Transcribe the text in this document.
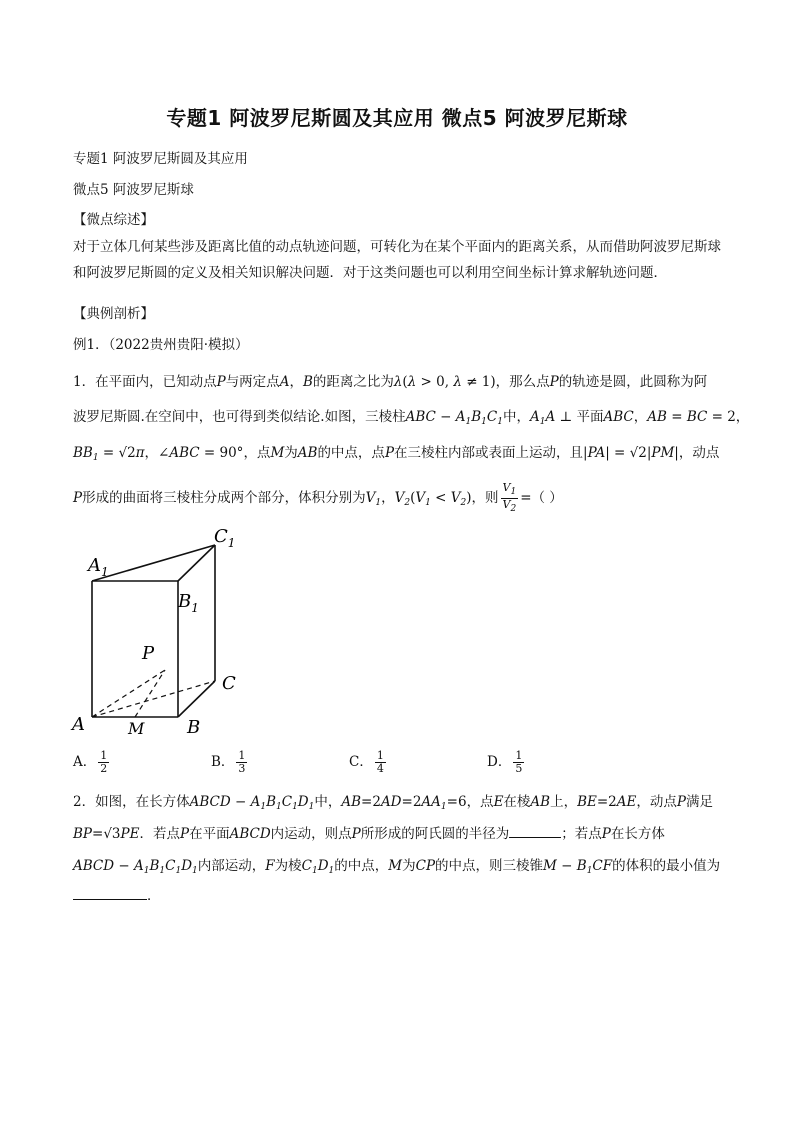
专题1 阿波罗尼斯圆及其应用 微点5 阿波罗尼斯球
专题1 阿波罗尼斯圆及其应用
微点5 阿波罗尼斯球
【微点综述】
对于立体几何某些涉及距离比值的动点轨迹问题，可转化为在某个平面内的距离关系，从而借助阿波罗尼斯球和阿波罗尼斯圆的定义及相关知识解决问题．对于这类问题也可以利用空间坐标计算求解轨迹问题．
【典例剖析】
例1．（2022贵州贵阳·模拟）
1．在平面内，已知动点P与两定点A，B的距离之比为λ(λ > 0, λ ≠ 1)，那么点P的轨迹是圆，此圆称为阿
波罗尼斯圆.在空间中，也可得到类似结论.如图，三棱柱ABC − $A_1B_1C_1$中，$A_1A$ ⊥ 平面ABC，AB = BC = 2，
$BB_1 = √2\pi$，∠ABC = 90°，点M为AB的中点，点P在三棱柱内部或表面上运动，且|PA| = √2|PM|，动点
P形成的曲面将三棱柱分成两个部分，体积分别为$V_1$，$V_2(V_1 < V_2)$，则 $\frac{V_1}{V_2}$ =（ ）
$A_1$
$C_1$
$B_1$
P
C
A	M B
A． $\frac{1}{2}$	B． $\frac{1}{3}$	C． $\frac{1}{4}$	D． $\frac{1}{5}$
2．如图，在长方体ABCD − $A_1B_1C_1D_1$中，$AB=2AD=2AA_1=6$，点E在棱AB上，BE=2AE，动点P满足
BP=√3PE．若点P在平面ABCD内运动，则点P所形成的阿氏圆的半径为	；若点P在长方体
ABCD − $A_1B_1C_1D_1$内部运动，F为棱$C_1D_1$的中点，M为CP的中点，则三棱锥$M - B_1CF$的体积的最小值为
．
